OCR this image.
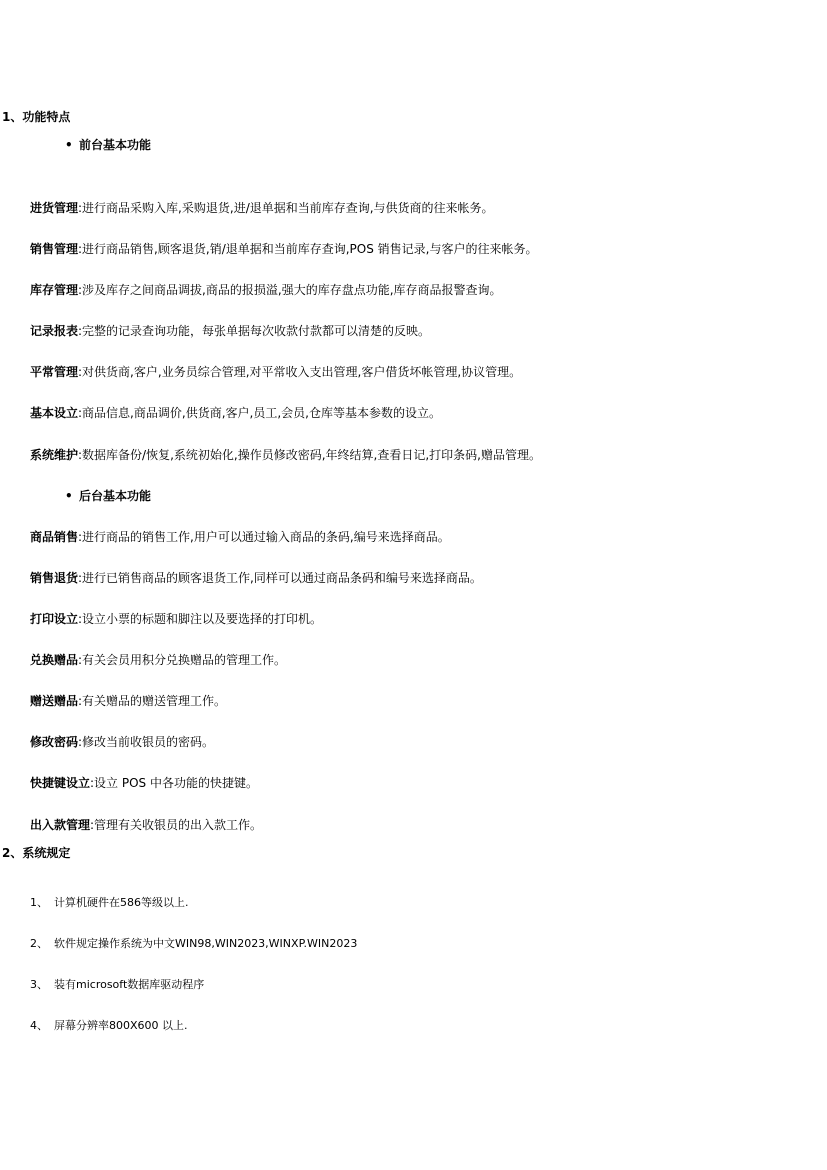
1、功能特点
• 前台基本功能
进货管理:进行商品采购入库,采购退货,进/退单据和当前库存查询,与供货商的往来帐务。
销售管理:进行商品销售,顾客退货,销/退单据和当前库存查询,POS 销售记录,与客户的往来帐务。
库存管理:涉及库存之间商品调拔,商品的报损溢,强大的库存盘点功能,库存商品报警查询。
记录报表:完整的记录查询功能，每张单据每次收款付款都可以清楚的反映。
平常管理:对供货商,客户,业务员综合管理,对平常收入支出管理,客户借货坏帐管理,协议管理。
基本设立:商品信息,商品调价,供货商,客户,员工,会员,仓库等基本参数的设立。
系统维护:数据库备份/恢复,系统初始化,操作员修改密码,年终结算,查看日记,打印条码,赠品管理。
• 后台基本功能
商品销售:进行商品的销售工作,用户可以通过输入商品的条码,编号来选择商品。
销售退货:进行已销售商品的顾客退货工作,同样可以通过商品条码和编号来选择商品。
打印设立:设立小票的标题和脚注以及要选择的打印机。
兑换赠品:有关会员用积分兑换赠品的管理工作。
赠送赠品:有关赠品的赠送管理工作。
修改密码:修改当前收银员的密码。
快捷键设立:设立 POS 中各功能的快捷键。
出入款管理:管理有关收银员的出入款工作。
2、系统规定
1、 计算机硬件在586等级以上.
2、 软件规定操作系统为中文WIN98,WIN2023,WINXP.WIN2023
3、 装有microsoft数据库驱动程序
4、 屏幕分辨率800X600 以上.
